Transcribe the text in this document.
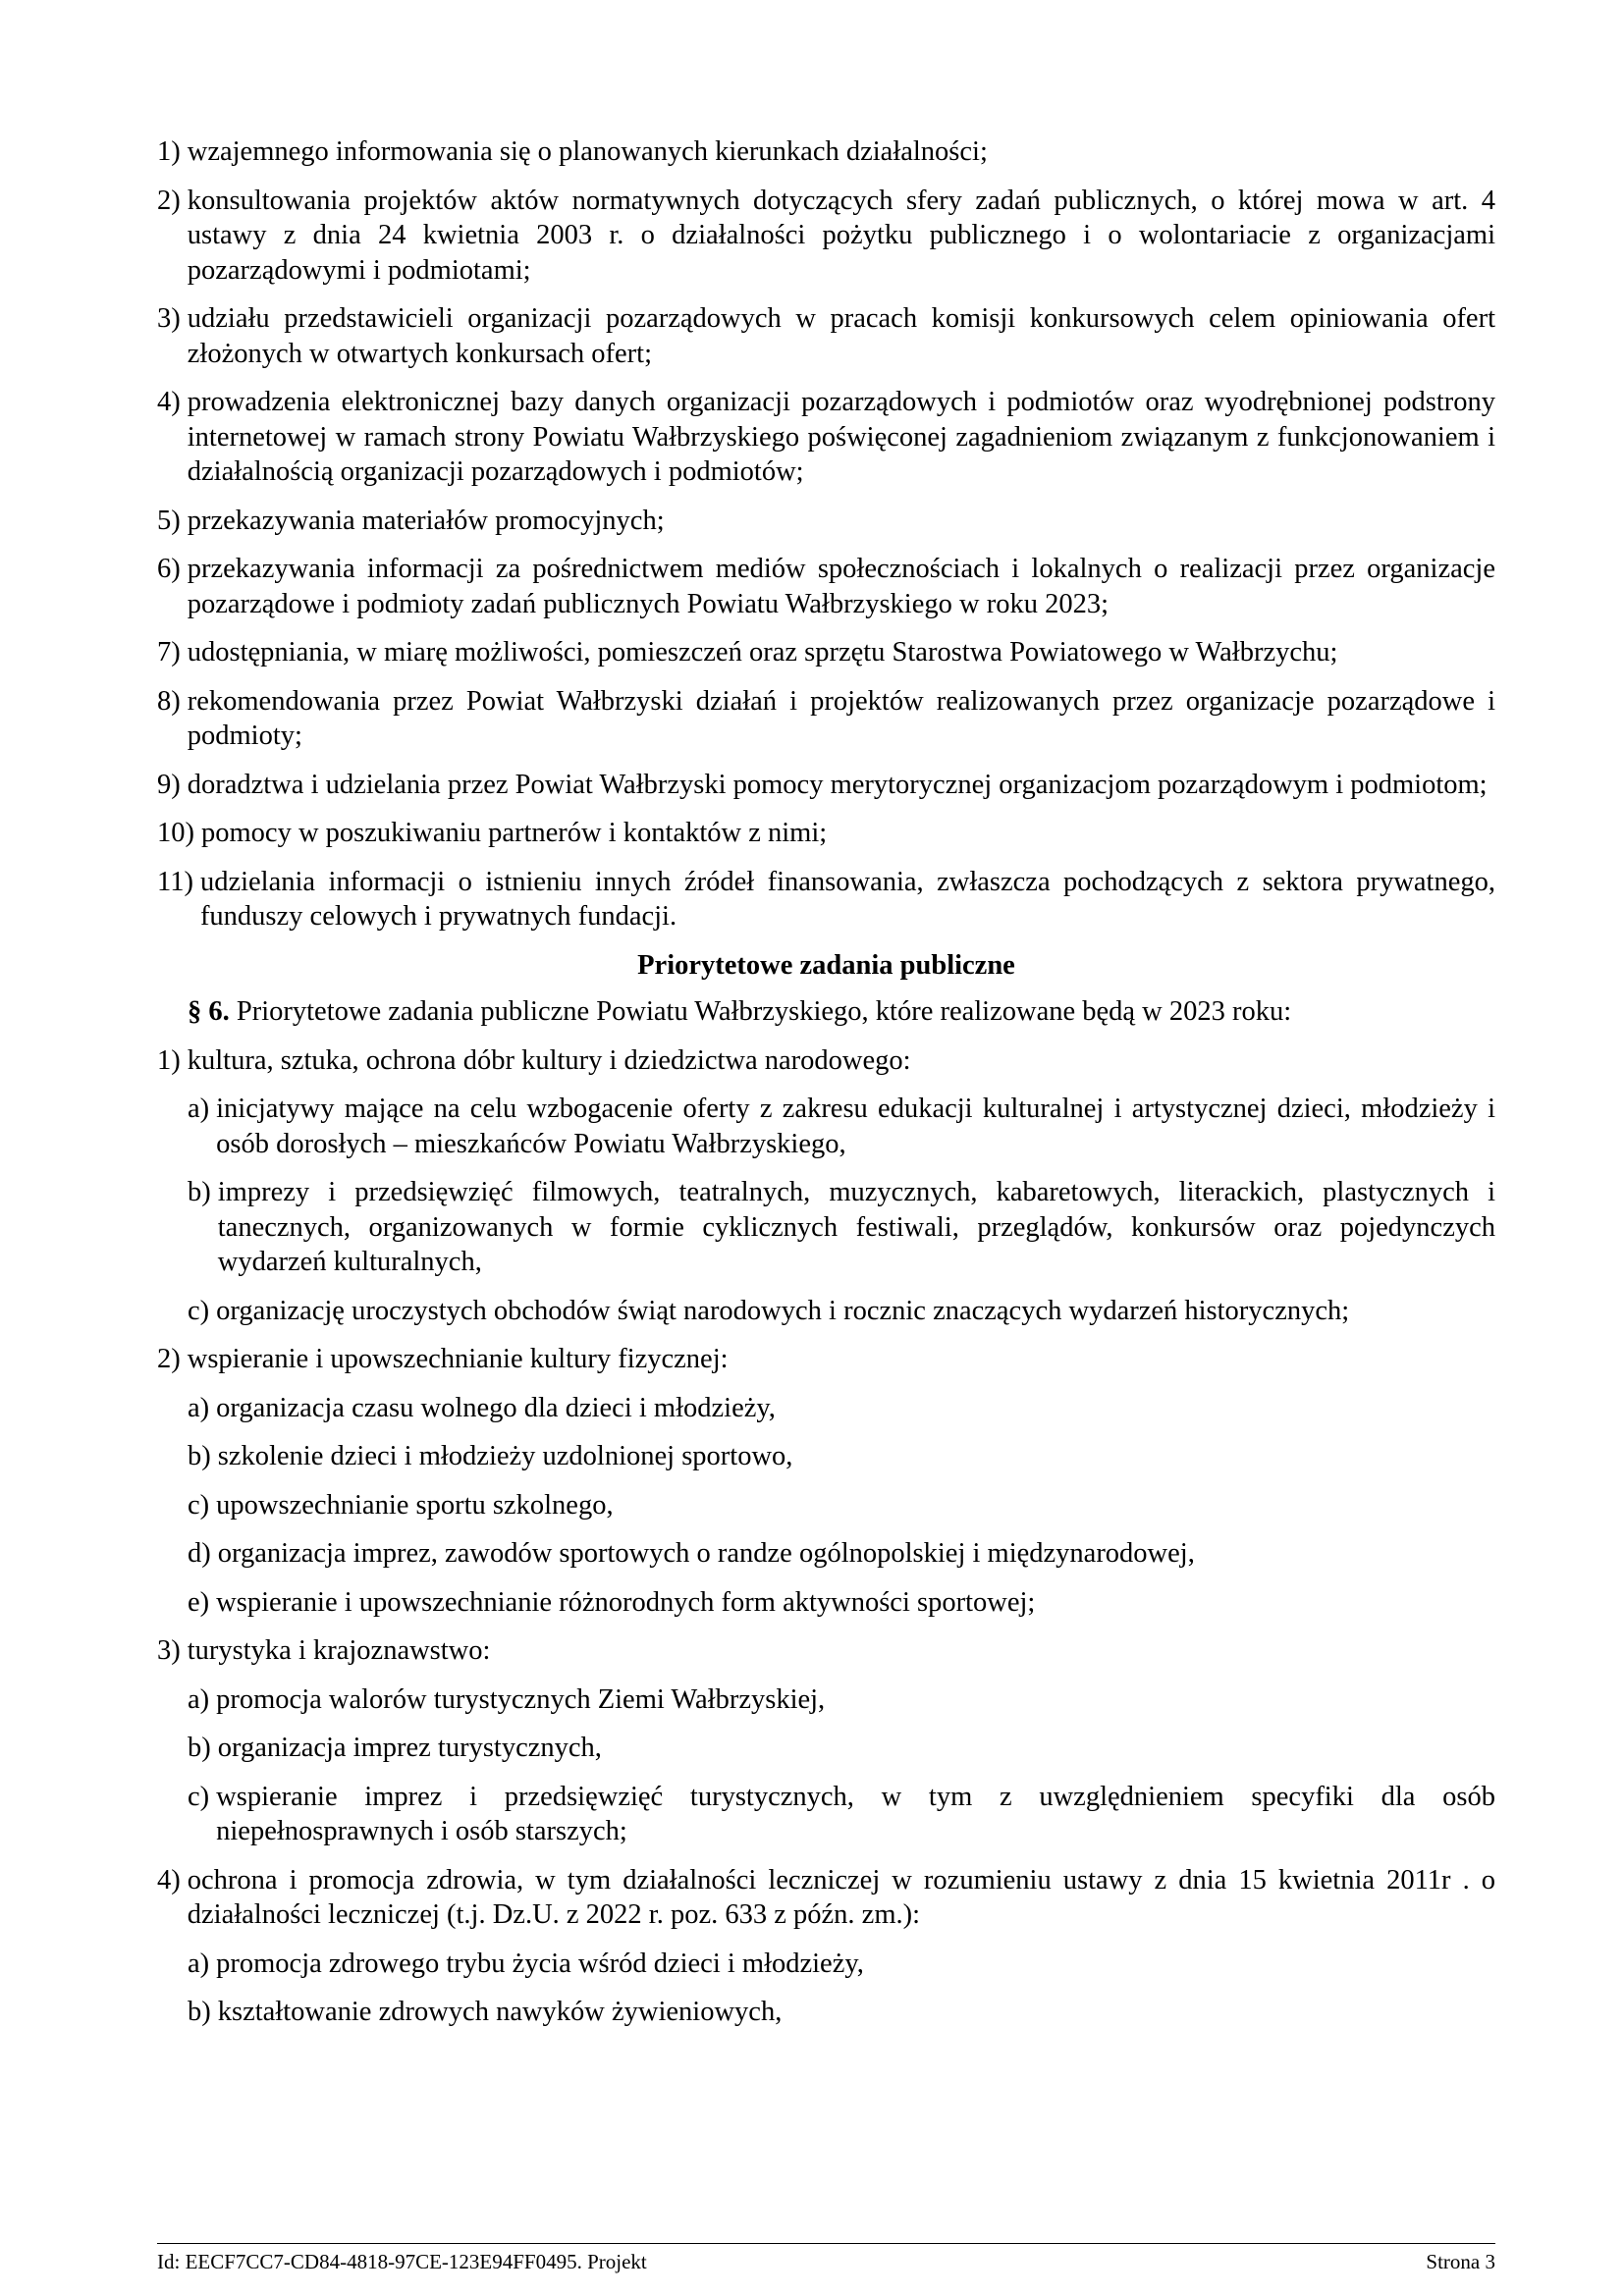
1) wzajemnego informowania się o planowanych kierunkach działalności;
2) konsultowania projektów aktów normatywnych dotyczących sfery zadań publicznych, o której mowa w art. 4 ustawy z dnia 24 kwietnia 2003 r. o działalności pożytku publicznego i o wolontariacie z organizacjami pozarządowymi i podmiotami;
3) udziału przedstawicieli organizacji pozarządowych w pracach komisji konkursowych celem opiniowania ofert złożonych w otwartych konkursach ofert;
4) prowadzenia elektronicznej bazy danych organizacji pozarządowych i podmiotów oraz wyodrębnionej podstrony internetowej w ramach strony Powiatu Wałbrzyskiego poświęconej zagadnieniom związanym z funkcjonowaniem i działalnością organizacji pozarządowych i podmiotów;
5) przekazywania materiałów promocyjnych;
6) przekazywania informacji za pośrednictwem mediów społecznościach i lokalnych o realizacji przez organizacje pozarządowe i podmioty zadań publicznych Powiatu Wałbrzyskiego w roku 2023;
7) udostępniania, w miarę możliwości, pomieszczeń oraz sprzętu Starostwa Powiatowego w Wałbrzychu;
8) rekomendowania przez Powiat Wałbrzyski działań i projektów realizowanych przez organizacje pozarządowe i podmioty;
9) doradztwa i udzielania przez Powiat Wałbrzyski pomocy merytorycznej organizacjom pozarządowym i podmiotom;
10) pomocy w poszukiwaniu partnerów i kontaktów z nimi;
11) udzielania informacji o istnieniu innych źródeł finansowania, zwłaszcza pochodzących z sektora prywatnego, funduszy celowych i prywatnych fundacji.
Priorytetowe zadania publiczne
§ 6. Priorytetowe zadania publiczne Powiatu Wałbrzyskiego, które realizowane będą w 2023 roku:
1) kultura, sztuka, ochrona dóbr kultury i dziedzictwa narodowego:
a) inicjatywy mające na celu wzbogacenie oferty z zakresu edukacji kulturalnej i artystycznej dzieci, młodzieży i osób dorosłych – mieszkańców Powiatu Wałbrzyskiego,
b) imprezy i przedsięwzięć filmowych, teatralnych, muzycznych, kabaretowych, literackich, plastycznych i tanecznych, organizowanych w formie cyklicznych festiwali, przeglądów, konkursów oraz pojedynczych wydarzeń kulturalnych,
c) organizację uroczystych obchodów świąt narodowych i rocznic znaczących wydarzeń historycznych;
2) wspieranie i upowszechnianie kultury fizycznej:
a) organizacja czasu wolnego dla dzieci i młodzieży,
b) szkolenie dzieci i młodzieży uzdolnionej sportowo,
c) upowszechnianie sportu szkolnego,
d) organizacja imprez, zawodów sportowych o randze ogólnopolskiej i międzynarodowej,
e) wspieranie i upowszechnianie różnorodnych form aktywności sportowej;
3) turystyka i krajoznawstwo:
a) promocja walorów turystycznych Ziemi Wałbrzyskiej,
b) organizacja imprez turystycznych,
c) wspieranie imprez i przedsięwzięć turystycznych, w tym z uwzględnieniem specyfiki dla osób niepełnosprawnych i osób starszych;
4) ochrona i promocja zdrowia, w tym działalności leczniczej w rozumieniu ustawy z dnia 15 kwietnia 2011r . o działalności leczniczej (t.j. Dz.U. z 2022 r. poz. 633 z późn. zm.):
a) promocja zdrowego trybu życia wśród dzieci i młodzieży,
b) kształtowanie zdrowych nawyków żywieniowych,
Id: EECF7CC7-CD84-4818-97CE-123E94FF0495. Projekt	Strona 3
